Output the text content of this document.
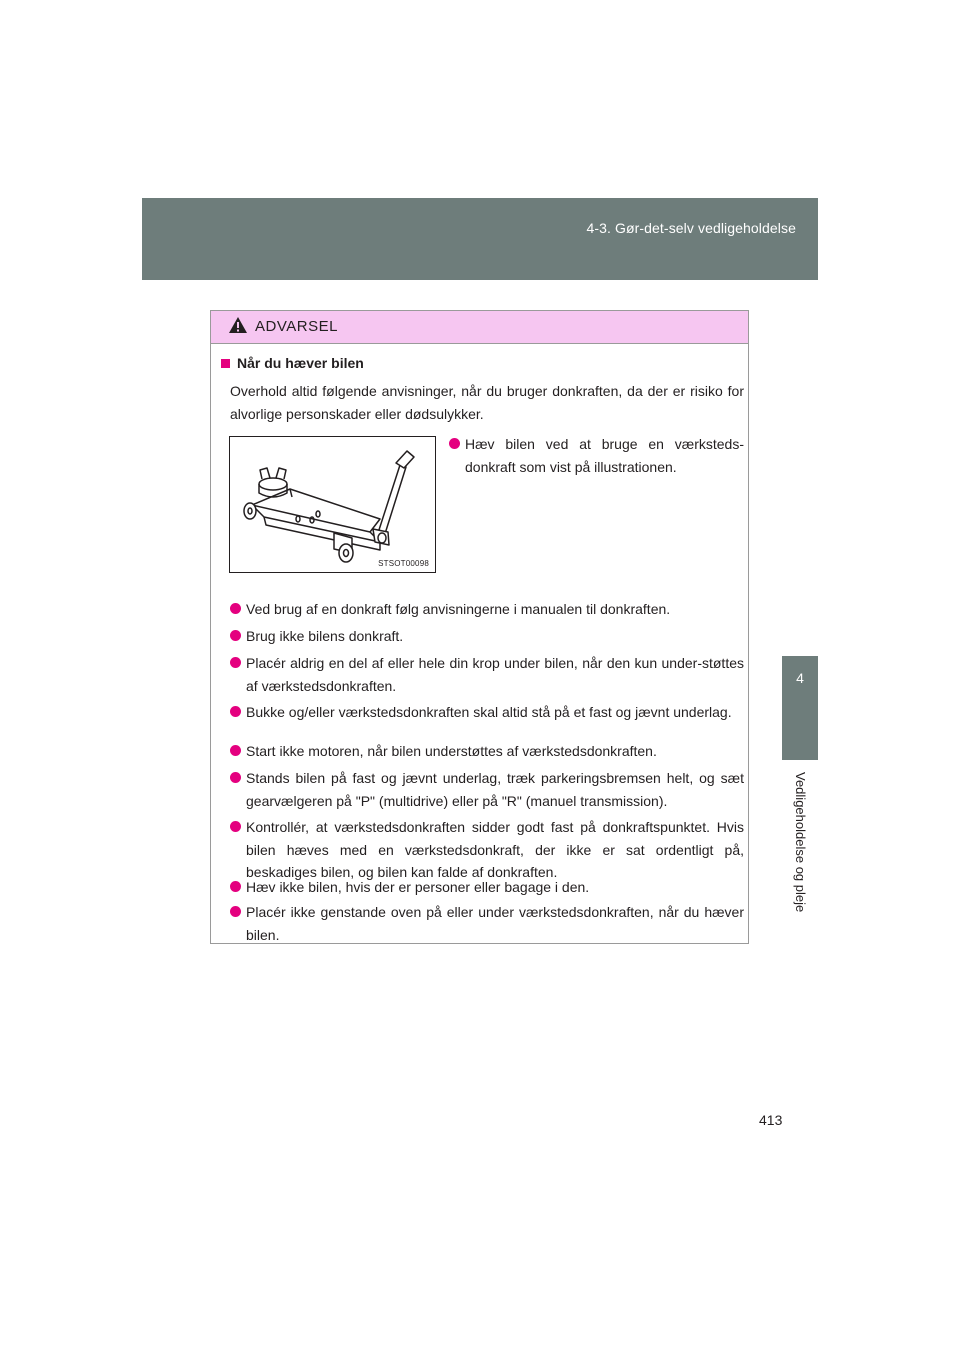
4-3. Gør-det-selv vedligeholdelse
4
Vedligeholdelse og pleje
ADVARSEL
Når du hæver bilen
Overhold altid følgende anvisninger, når du bruger donkraften, da der er risiko for alvorlige personskader eller dødsulykker.
STSOT00098
Hæv bilen ved at bruge en værksteds-donkraft som vist på illustrationen.
Ved brug af en donkraft følg anvisningerne i manualen til donkraften.
Brug ikke bilens donkraft.
Placér aldrig en del af eller hele din krop under bilen, når den kun under-støttes af værkstedsdonkraften.
Bukke og/eller værkstedsdonkraften skal altid stå på et fast og jævnt underlag.
Start ikke motoren, når bilen understøttes af værkstedsdonkraften.
Stands bilen på fast og jævnt underlag, træk parkeringsbremsen helt, og sæt gearvælgeren på "P" (multidrive) eller på "R" (manuel transmission).
Kontrollér, at værkstedsdonkraften sidder godt fast på donkraftspunktet. Hvis bilen hæves med en værkstedsdonkraft, der ikke er sat ordentligt på, beskadiges bilen, og bilen kan falde af donkraften.
Hæv ikke bilen, hvis der er personer eller bagage i den.
Placér ikke genstande oven på eller under værkstedsdonkraften, når du hæver bilen.
413
